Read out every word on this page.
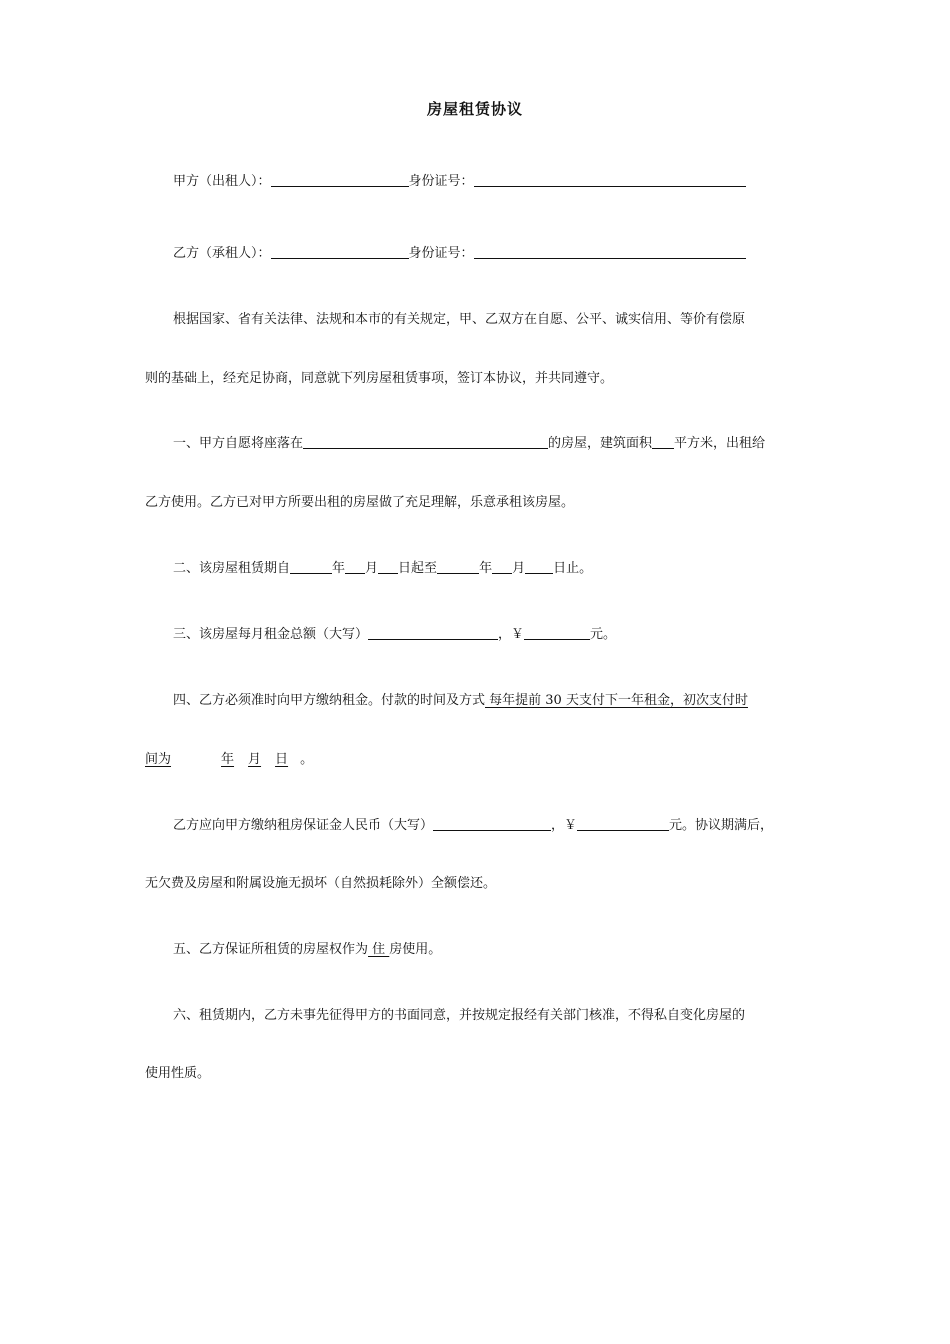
房屋租赁协议
甲方（出租人）：	身份证号：
乙方（承租人）：	身份证号：
根据国家、省有关法律、法规和本市的有关规定，甲、乙双方在自愿、公平、诚实信用、等价有偿原
则的基础上，经充足协商，同意就下列房屋租赁事项，签订本协议，并共同遵守。
一、甲方自愿将座落在	的房屋，建筑面积 平方米，出租给
乙方使用。乙方已对甲方所要出租的房屋做了充足理解，乐意承租该房屋。
二、该房屋租赁期自	年 月 日起至	年 月 日止。
三、该房屋每月租金总额（大写）	，￥	元。
四、乙方必须准时向甲方缴纳租金。付款的时间及方式 每年提前 30 天支付下一年租金，初次支付时
间为	年 月 日 。
乙方应向甲方缴纳租房保证金人民币（大写）	，￥	元。协议期满后，
无欠费及房屋和附属设施无损坏（自然损耗除外）全额偿还。
五、乙方保证所租赁的房屋权作为 住 房使用。
六、租赁期内，乙方未事先征得甲方的书面同意，并按规定报经有关部门核准，不得私自变化房屋的
使用性质。
